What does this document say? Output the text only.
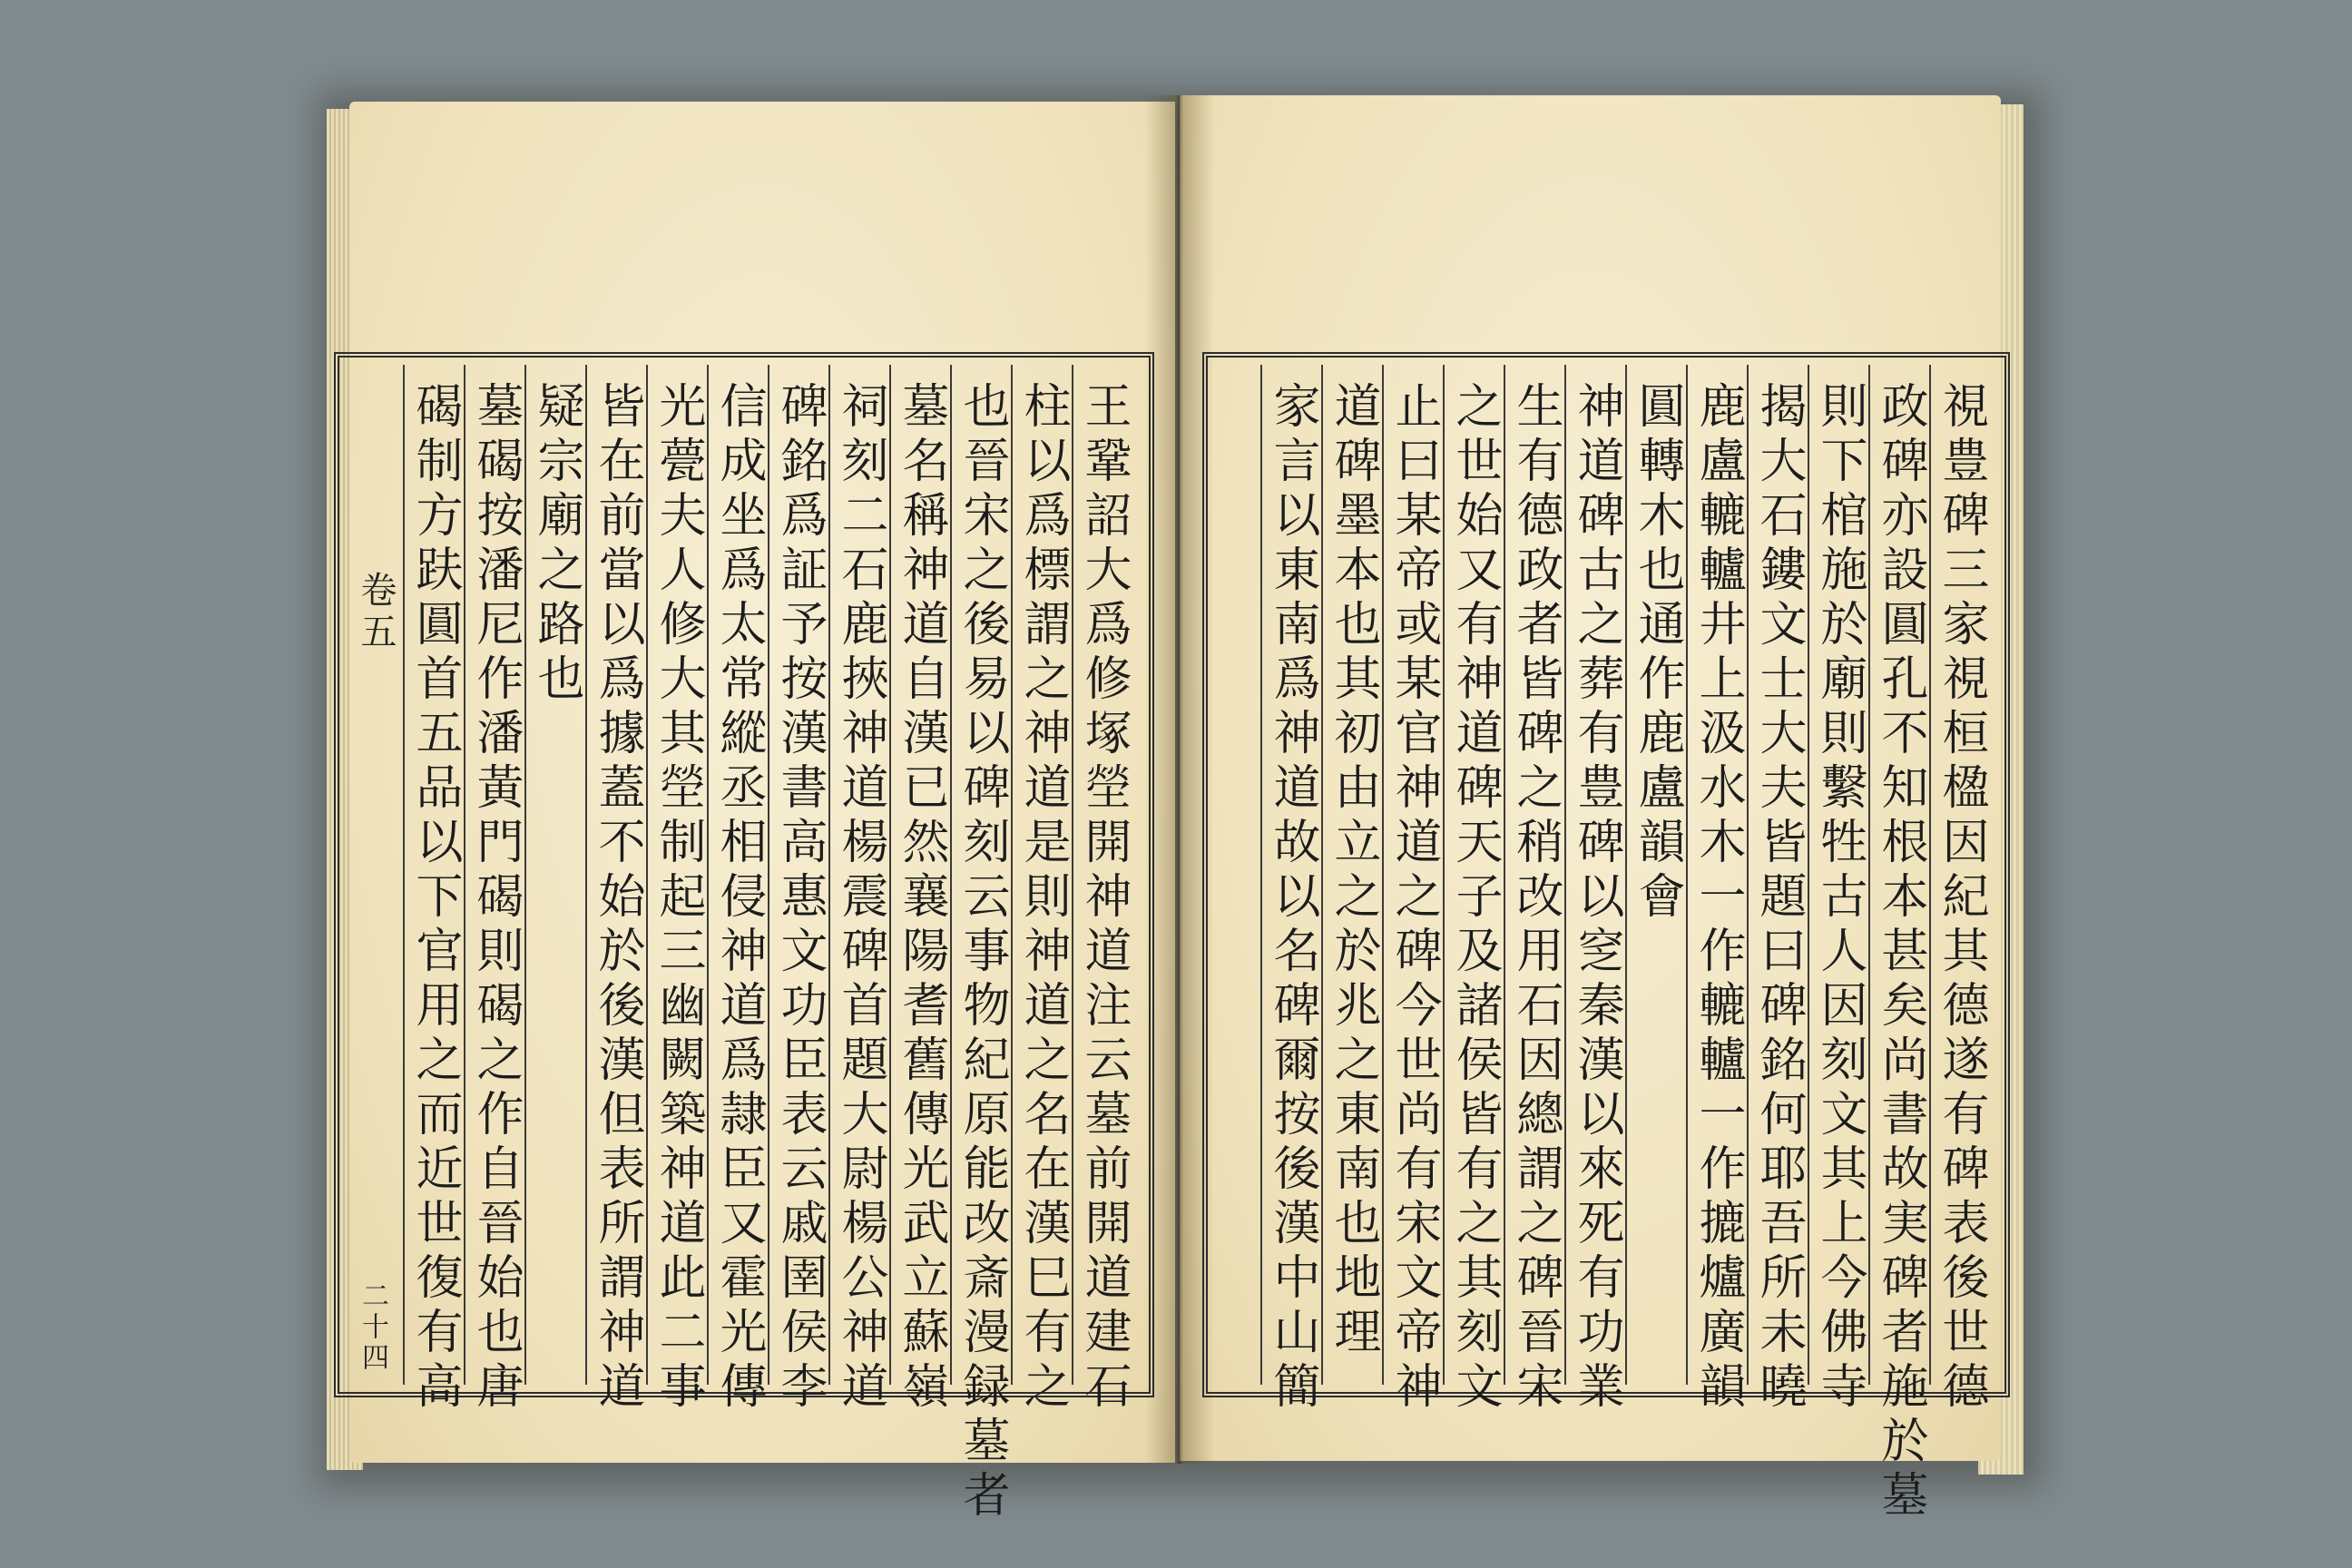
卷五
二十四	王鞏詔大爲修塚塋開神道注云墓前開道建石
柱以爲標謂之神道是則神道之名在漢巳有之
也晉宋之後易以碑刻云事物紀原能改斎漫録墓者
墓名稱神道自漢已然襄陽耆舊傳光武立蘇嶺
祠刻二石鹿挾神道楊震碑首題大尉楊公神道
碑銘爲証予按漢書高惠文功臣表云戚圉侯李
信成坐爲太常縱丞相侵神道爲隷臣又霍光傳
光甍夫人修大其塋制起三幽闕築神道此二事
皆在前當以爲據蓋不始於後漢但表所謂神道
疑宗廟之路也
墓碣按潘尼作潘黃門碣則碣之作自晉始也唐
碣制方趺圓首五品以下官用之而近世復有高	視豊碑三家視桓楹因紀其德遂有碑表後世德
政碑亦設圓孔不知根本甚矣尚書故実碑者施於墓
則下棺施於廟則繫牲古人因刻文其上今佛寺
揭大石鏤文士大夫皆題曰碑銘何耶吾所未曉
鹿盧轆轤井上汲水木一作轆轤一作摝爐廣韻
圓轉木也通作鹿盧韻會
神道碑古之葬有豊碑以窆秦漢以來死有功業
生有德政者皆碑之稍改用石因總謂之碑晉宋
之世始又有神道碑天子及諸侯皆有之其刻文
止曰某帝或某官神道之碑今世尚有宋文帝神
道碑墨本也其初由立之於兆之東南也地理
家言以東南爲神道故以名碑爾按後漢中山簡
